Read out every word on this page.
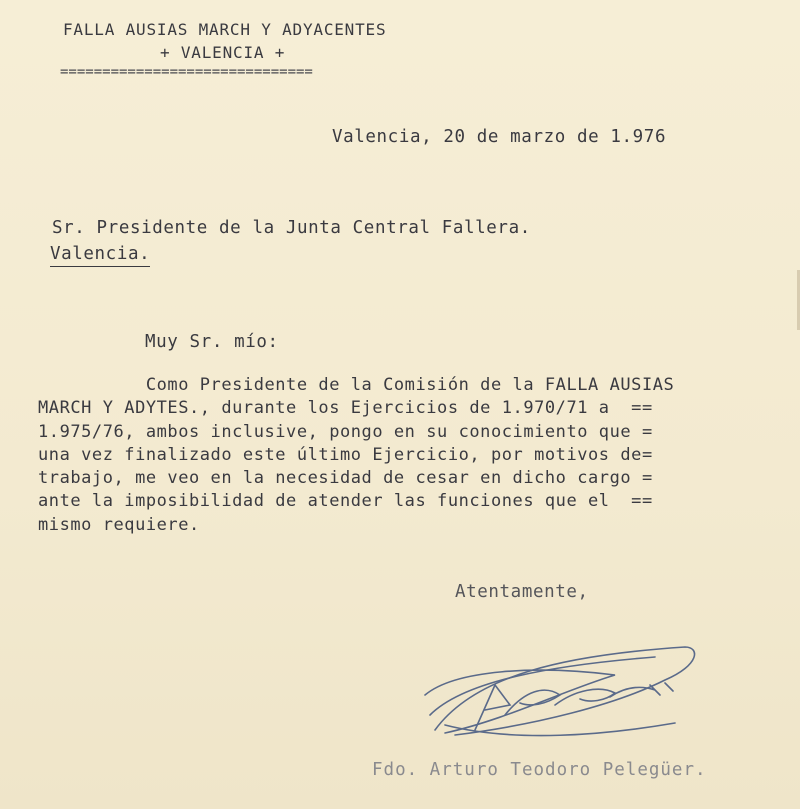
FALLA AUSIAS MARCH Y ADYACENTES
+ VALENCIA +
==============================
Valencia, 20 de marzo de 1.976
Sr. Presidente de la Junta Central Fallera.
Valencia.
Muy Sr. mío:
Como Presidente de la Comisión de la FALLA AUSIAS
MARCH Y ADYTES., durante los Ejercicios de 1.970/71 a  ==
1.975/76, ambos inclusive, pongo en su conocimiento que =
una vez finalizado este último Ejercicio, por motivos de=
trabajo, me veo en la necesidad de cesar en dicho cargo =
ante la imposibilidad de atender las funciones que el  ==
mismo requiere.
Atentamente,
Fdo. Arturo Teodoro Pelegüer.
